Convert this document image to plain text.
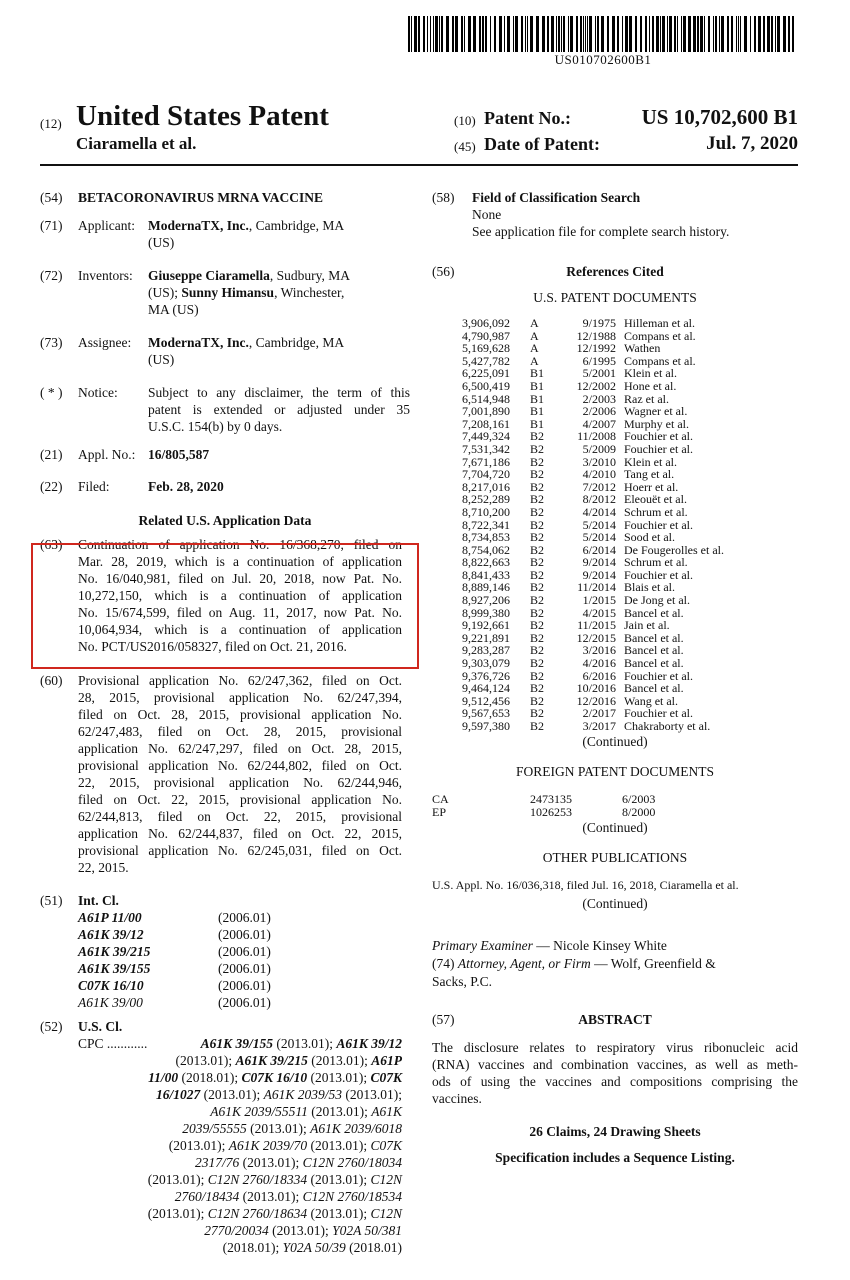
US010702600B1
(12) United States Patent
Ciaramella et al.
(10) Patent No.:	US 10,702,600 B1
(45) Date of Patent:	Jul. 7, 2020
(54) BETACORONAVIRUS MRNA VACCINE
(71) Applicant: ModernaTX, Inc., Cambridge, MA
(US)
(72) Inventors: Giuseppe Ciaramella, Sudbury, MA
(US); Sunny Himansu, Winchester,
MA (US)
(73) Assignee: ModernaTX, Inc., Cambridge, MA
(US)
( * ) Notice: Subject to any disclaimer, the term of this
patent is extended or adjusted under 35
U.S.C. 154(b) by 0 days.
(21) Appl. No.: 16/805,587
(22) Filed:	Feb. 28, 2020
Related U.S. Application Data
(63) Continuation of application No. 16/368,270, filed on
Mar. 28, 2019, which is a continuation of application
No. 16/040,981, filed on Jul. 20, 2018, now Pat. No.
10,272,150, which is a continuation of application
No. 15/674,599, filed on Aug. 11, 2017, now Pat. No.
10,064,934, which is a continuation of application
No. PCT/US2016/058327, filed on Oct. 21, 2016.
(60) Provisional application No. 62/247,362, filed on Oct.
28, 2015, provisional application No. 62/247,394,
filed on Oct. 28, 2015, provisional application No.
62/247,483, filed on Oct. 28, 2015, provisional
application No. 62/247,297, filed on Oct. 28, 2015,
provisional application No. 62/244,802, filed on Oct.
22, 2015, provisional application No. 62/244,946,
filed on Oct. 22, 2015, provisional application No.
62/244,813, filed on Oct. 22, 2015, provisional
application No. 62/244,837, filed on Oct. 22, 2015,
provisional application No. 62/245,031, filed on Oct.
22, 2015.
(51) Int. Cl.
A61P 11/00	(2006.01)
A61K 39/12	(2006.01)
A61K 39/215	(2006.01)
A61K 39/155	(2006.01)
C07K 16/10	(2006.01)
A61K 39/00	(2006.01)
(52) U.S. Cl.
CPC ............	A61K 39/155 (2013.01); A61K 39/12
(2013.01); A61K 39/215 (2013.01); A61P
11/00 (2018.01); C07K 16/10 (2013.01); C07K
16/1027 (2013.01); A61K 2039/53 (2013.01);
A61K 2039/55511 (2013.01); A61K
2039/55555 (2013.01); A61K 2039/6018
(2013.01); A61K 2039/70 (2013.01); C07K
2317/76 (2013.01); C12N 2760/18034
(2013.01); C12N 2760/18334 (2013.01); C12N
2760/18434 (2013.01); C12N 2760/18534
(2013.01); C12N 2760/18634 (2013.01); C12N
2770/20034 (2013.01); Y02A 50/381
(2018.01); Y02A 50/39 (2018.01)
(58) Field of Classification Search
None
See application file for complete search history.
(56)	References Cited
U.S. PATENT DOCUMENTS
3,906,092	A	9/1975 Hilleman et al.
4,790,987	A	12/1988 Compans et al.
5,169,628	A	12/1992 Wathen
5,427,782	A	6/1995 Compans et al.
6,225,091	B1	5/2001 Klein et al.
6,500,419	B1	12/2002 Hone et al.
6,514,948	B1	2/2003 Raz et al.
7,001,890	B1	2/2006 Wagner et al.
7,208,161	B1	4/2007 Murphy et al.
7,449,324	B2	11/2008 Fouchier et al.
7,531,342	B2	5/2009 Fouchier et al.
7,671,186	B2	3/2010 Klein et al.
7,704,720	B2	4/2010 Tang et al.
8,217,016	B2	7/2012 Hoerr et al.
8,252,289	B2	8/2012 Eleouët et al.
8,710,200	B2	4/2014 Schrum et al.
8,722,341	B2	5/2014 Fouchier et al.
8,734,853	B2	5/2014 Sood et al.
8,754,062	B2	6/2014 De Fougerolles et al.
8,822,663	B2	9/2014 Schrum et al.
8,841,433	B2	9/2014 Fouchier et al.
8,889,146	B2	11/2014 Blais et al.
8,927,206	B2	1/2015 De Jong et al.
8,999,380	B2	4/2015 Bancel et al.
9,192,661	B2	11/2015 Jain et al.
9,221,891	B2	12/2015 Bancel et al.
9,283,287	B2	3/2016 Bancel et al.
9,303,079	B2	4/2016 Bancel et al.
9,376,726	B2	6/2016 Fouchier et al.
9,464,124	B2	10/2016 Bancel et al.
9,512,456	B2	12/2016 Wang et al.
9,567,653	B2	2/2017 Fouchier et al.
9,597,380	B2	3/2017 Chakraborty et al.
(Continued)
FOREIGN PATENT DOCUMENTS
CA	2473135	6/2003
EP	1026253	8/2000
(Continued)
OTHER PUBLICATIONS
U.S. Appl. No. 16/036,318, filed Jul. 16, 2018, Ciaramella et al.
(Continued)
Primary Examiner — Nicole Kinsey White
(74) Attorney, Agent, or Firm — Wolf, Greenfield &
Sacks, P.C.
(57)	ABSTRACT
The disclosure relates to respiratory virus ribonucleic acid
(RNA) vaccines and combination vaccines, as well as meth-
ods of using the vaccines and compositions comprising the
vaccines.
26 Claims, 24 Drawing Sheets
Specification includes a Sequence Listing.
